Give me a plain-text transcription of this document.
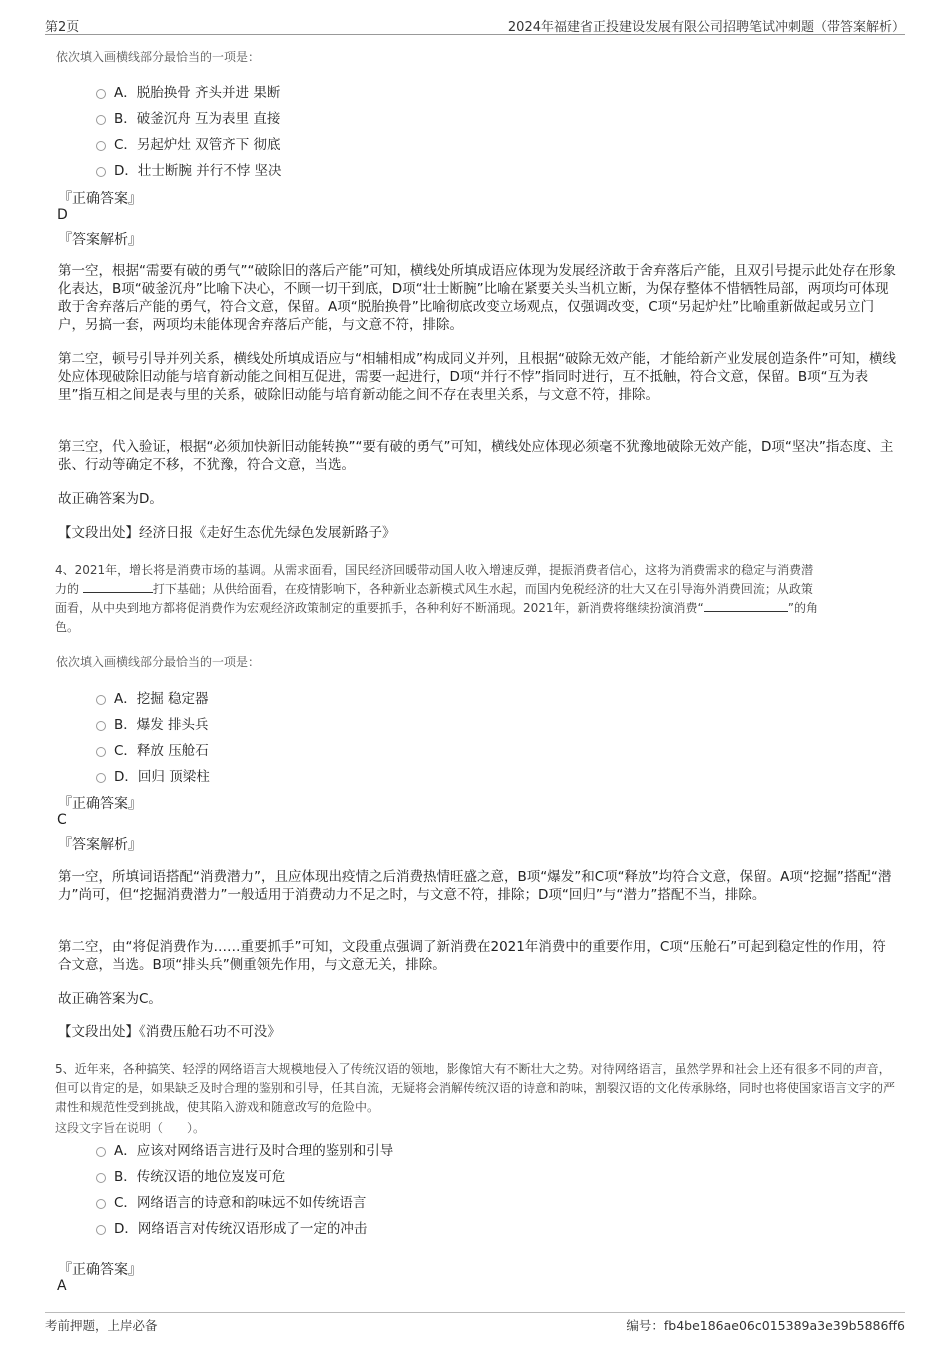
第2页	2024年福建省正投建设发展有限公司招聘笔试冲刺题（带答案解析）
依次填入画横线部分最恰当的一项是：
A． 脱胎换骨 齐头并进 果断
B． 破釜沉舟 互为表里 直接
C． 另起炉灶 双管齐下 彻底
D． 壮士断腕 并行不悖 坚决
『正确答案』
D
『答案解析』

第一空，根据“需要有破的勇气”“破除旧的落后产能”可知，横线处所填成语应体现为发展经济敢于舍弃落后产能，且双引号提示此处存在形象化表达，B项“破釜沉舟”比喻下决心，不顾一切干到底，D项“壮士断腕”比喻在紧要关头当机立断，为保存整体不惜牺牲局部，两项均可体现敢于舍弃落后产能的勇气，符合文意，保留。A项“脱胎换骨”比喻彻底改变立场观点，仅强调改变，C项“另起炉灶”比喻重新做起或另立门户，另搞一套，两项均未能体现舍弃落后产能，与文意不符，排除。

第二空，顿号引导并列关系，横线处所填成语应与“相辅相成”构成同义并列，且根据“破除无效产能，才能给新产业发展创造条件”可知，横线处应体现破除旧动能与培育新动能之间相互促进，需要一起进行，D项“并行不悖”指同时进行，互不抵触，符合文意，保留。B项“互为表里”指互相之间是表与里的关系，破除旧动能与培育新动能之间不存在表里关系，与文意不符，排除。

第三空，代入验证，根据“必须加快新旧动能转换”“要有破的勇气”可知，横线处应体现必须毫不犹豫地破除无效产能，D项“坚决”指态度、主张、行动等确定不移，不犹豫，符合文意，当选。

故正确答案为D。

【文段出处】经济日报《走好生态优先绿色发展新路子》

4、2021年，增长将是消费市场的基调。从需求面看，国民经济回暖带动国人收入增速反弹，提振消费者信心，这将为消费需求的稳定与消费潜
力的	打下基础；从供给面看，在疫情影响下，各种新业态新模式风生水起，而国内免税经济的壮大又在引导海外消费回流；从政策
面看，从中央到地方都将促消费作为宏观经济政策制定的重要抓手，各种利好不断涌现。2021年，新消费将继续扮演消费“	”的角
色。
依次填入画横线部分最恰当的一项是：
A． 挖掘 稳定器
B． 爆发 排头兵
C． 释放 压舱石
D． 回归 顶梁柱
『正确答案』
C
『答案解析』

第一空，所填词语搭配“消费潜力”，且应体现出疫情之后消费热情旺盛之意，B项“爆发”和C项“释放”均符合文意，保留。A项“挖掘”搭配“潜力”尚可，但“挖掘消费潜力”一般适用于消费动力不足之时，与文意不符，排除；D项“回归”与“潜力”搭配不当，排除。

第二空，由“将促消费作为……重要抓手”可知，文段重点强调了新消费在2021年消费中的重要作用，C项“压舱石”可起到稳定性的作用，符合文意，当选。B项“排头兵”侧重领先作用，与文意无关，排除。

故正确答案为C。

【文段出处】《消费压舱石功不可没》

5、近年来，各种搞笑、轻浮的网络语言大规模地侵入了传统汉语的领地，影像馆大有不断壮大之势。对待网络语言，虽然学界和社会上还有很多不同的声音，但可以肯定的是，如果缺乏及时合理的鉴别和引导，任其自流，无疑将会消解传统汉语的诗意和韵味，割裂汉语的文化传承脉络，同时也将使国家语言文字的严肃性和规范性受到挑战，使其陷入游戏和随意改写的危险中。

这段文字旨在说明（　　）。
A． 应该对网络语言进行及时合理的鉴别和引导
B． 传统汉语的地位岌岌可危
C． 网络语言的诗意和韵味远不如传统语言
D． 网络语言对传统汉语形成了一定的冲击
『正确答案』
A
考前押题，上岸必备	编号：fb4be186ae06c015389a3e39b5886ff6
